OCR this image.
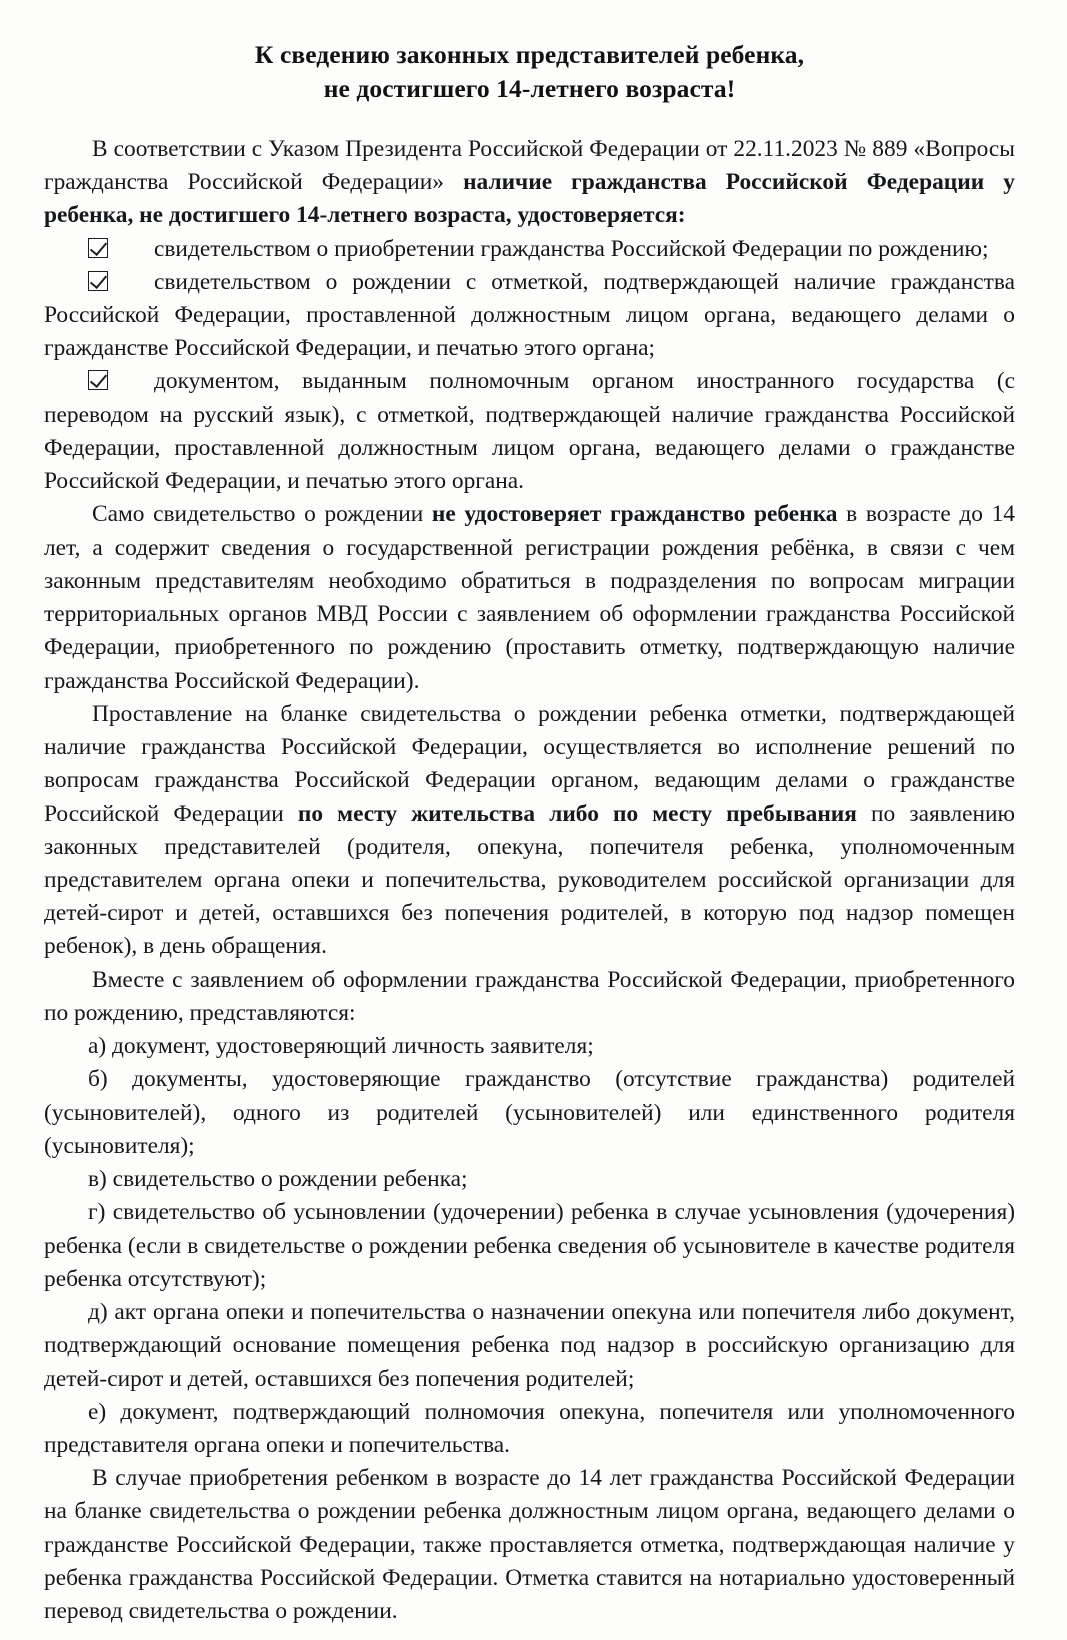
К сведению законных представителей ребенка,
не достигшего 14-летнего возраста!

В соответствии с Указом Президента Российской Федерации от 22.11.2023 № 889 «Вопросы гражданства Российской Федерации» наличие гражданства Российской Федерации у ребенка, не достигшего 14-летнего возраста, удостоверяется:

свидетельством о приобретении гражданства Российской Федерации по рождению;

свидетельством о рождении с отметкой, подтверждающей наличие гражданства Российской Федерации, проставленной должностным лицом органа, ведающего делами о гражданстве Российской Федерации, и печатью этого органа;

документом, выданным полномочным органом иностранного государства (с переводом на русский язык), с отметкой, подтверждающей наличие гражданства Российской Федерации, проставленной должностным лицом органа, ведающего делами о гражданстве Российской Федерации, и печатью этого органа.

Само свидетельство о рождении не удостоверяет гражданство ребенка в возрасте до 14 лет, а содержит сведения о государственной регистрации рождения ребёнка, в связи с чем законным представителям необходимо обратиться в подразделения по вопросам миграции территориальных органов МВД России с заявлением об оформлении гражданства Российской Федерации, приобретенного по рождению (проставить отметку, подтверждающую наличие гражданства Российской Федерации).

Проставление на бланке свидетельства о рождении ребенка отметки, подтверждающей наличие гражданства Российской Федерации, осуществляется во исполнение решений по вопросам гражданства Российской Федерации органом, ведающим делами о гражданстве Российской Федерации по месту жительства либо по месту пребывания по заявлению законных представителей (родителя, опекуна, попечителя ребенка, уполномоченным представителем органа опеки и попечительства, руководителем российской организации для детей-сирот и детей, оставшихся без попечения родителей, в которую под надзор помещен ребенок), в день обращения.

Вместе с заявлением об оформлении гражданства Российской Федерации, приобретенного по рождению, представляются:

а) документ, удостоверяющий личность заявителя;

б) документы, удостоверяющие гражданство (отсутствие гражданства) родителей (усыновителей), одного из родителей (усыновителей) или единственного родителя (усыновителя);

в) свидетельство о рождении ребенка;

г) свидетельство об усыновлении (удочерении) ребенка в случае усыновления (удочерения) ребенка (если в свидетельстве о рождении ребенка сведения об усыновителе в качестве родителя ребенка отсутствуют);

д) акт органа опеки и попечительства о назначении опекуна или попечителя либо документ, подтверждающий основание помещения ребенка под надзор в российскую организацию для детей-сирот и детей, оставшихся без попечения родителей;

е) документ, подтверждающий полномочия опекуна, попечителя или уполномоченного представителя органа опеки и попечительства.

В случае приобретения ребенком в возрасте до 14 лет гражданства Российской Федерации на бланке свидетельства о рождении ребенка должностным лицом органа, ведающего делами о гражданстве Российской Федерации, также проставляется отметка, подтверждающая наличие у ребенка гражданства Российской Федерации. Отметка ставится на нотариально удостоверенный перевод свидетельства о рождении.
